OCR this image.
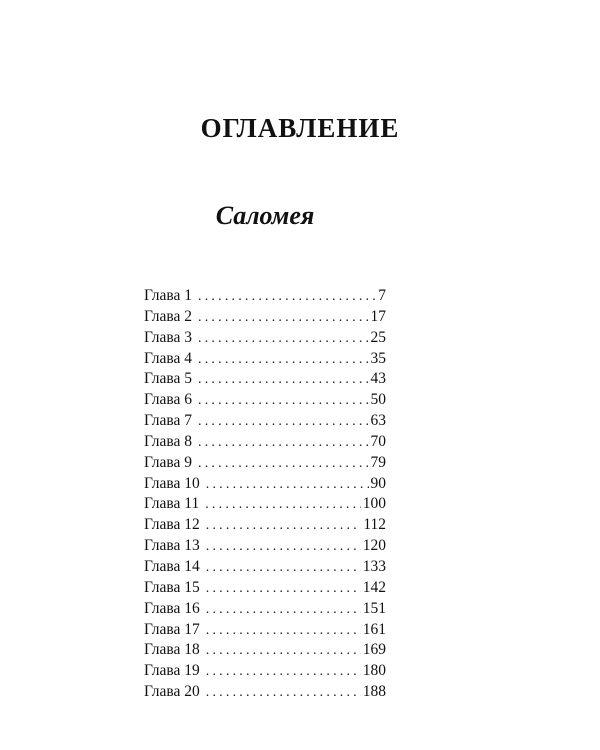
ОГЛАВЛЕНИЕ
Саломея
Глава 1 .....	7
Глава 2 .....	17
Глава 3 .....	25
Глава 4 .....	35
Глава 5 .....	43
Глава 6 .....	50
Глава 7 .....	63
Глава 8 .....	70
Глава 9 .....	79
Глава 10 .....	90
Глава 11 .....	100
Глава 12 .....	112
Глава 13 .....	120
Глава 14 .....	133
Глава 15 .....	142
Глава 16 .....	151
Глава 17 .....	161
Глава 18 .....	169
Глава 19 .....	180
Глава 20 .....	188
